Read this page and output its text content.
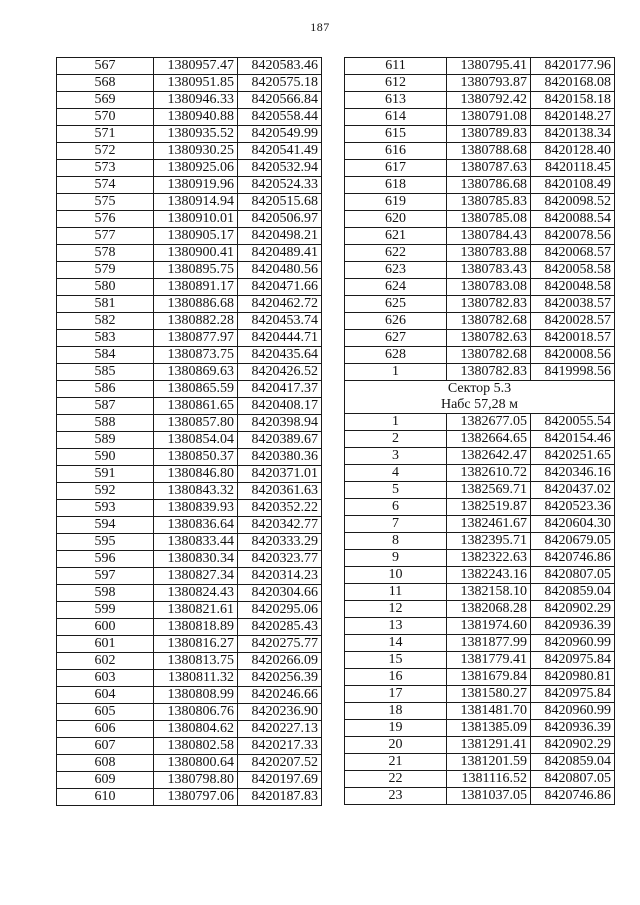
187
567	1380957.47	8420583.46
568	1380951.85	8420575.18
569	1380946.33	8420566.84
570	1380940.88	8420558.44
571	1380935.52	8420549.99
572	1380930.25	8420541.49
573	1380925.06	8420532.94
574	1380919.96	8420524.33
575	1380914.94	8420515.68
576	1380910.01	8420506.97
577	1380905.17	8420498.21
578	1380900.41	8420489.41
579	1380895.75	8420480.56
580	1380891.17	8420471.66
581	1380886.68	8420462.72
582	1380882.28	8420453.74
583	1380877.97	8420444.71
584	1380873.75	8420435.64
585	1380869.63	8420426.52
586	1380865.59	8420417.37
587	1380861.65	8420408.17
588	1380857.80	8420398.94
589	1380854.04	8420389.67
590	1380850.37	8420380.36
591	1380846.80	8420371.01
592	1380843.32	8420361.63
593	1380839.93	8420352.22
594	1380836.64	8420342.77
595	1380833.44	8420333.29
596	1380830.34	8420323.77
597	1380827.34	8420314.23
598	1380824.43	8420304.66
599	1380821.61	8420295.06
600	1380818.89	8420285.43
601	1380816.27	8420275.77
602	1380813.75	8420266.09
603	1380811.32	8420256.39
604	1380808.99	8420246.66
605	1380806.76	8420236.90
606	1380804.62	8420227.13
607	1380802.58	8420217.33
608	1380800.64	8420207.52
609	1380798.80	8420197.69
610	1380797.06	8420187.83
611	1380795.41	8420177.96
612	1380793.87	8420168.08
613	1380792.42	8420158.18
614	1380791.08	8420148.27
615	1380789.83	8420138.34
616	1380788.68	8420128.40
617	1380787.63	8420118.45
618	1380786.68	8420108.49
619	1380785.83	8420098.52
620	1380785.08	8420088.54
621	1380784.43	8420078.56
622	1380783.88	8420068.57
623	1380783.43	8420058.58
624	1380783.08	8420048.58
625	1380782.83	8420038.57
626	1380782.68	8420028.57
627	1380782.63	8420018.57
628	1380782.68	8420008.56
1	1380782.83	8419998.56
Сектор 5.3		
Набс 57,28 м		
1	1382677.05	8420055.54
2	1382664.65	8420154.46
3	1382642.47	8420251.65
4	1382610.72	8420346.16
5	1382569.71	8420437.02
6	1382519.87	8420523.36
7	1382461.67	8420604.30
8	1382395.71	8420679.05
9	1382322.63	8420746.86
10	1382243.16	8420807.05
11	1382158.10	8420859.04
12	1382068.28	8420902.29
13	1381974.60	8420936.39
14	1381877.99	8420960.99
15	1381779.41	8420975.84
16	1381679.84	8420980.81
17	1381580.27	8420975.84
18	1381481.70	8420960.99
19	1381385.09	8420936.39
20	1381291.41	8420902.29
21	1381201.59	8420859.04
22	1381116.52	8420807.05
23	1381037.05	8420746.86
